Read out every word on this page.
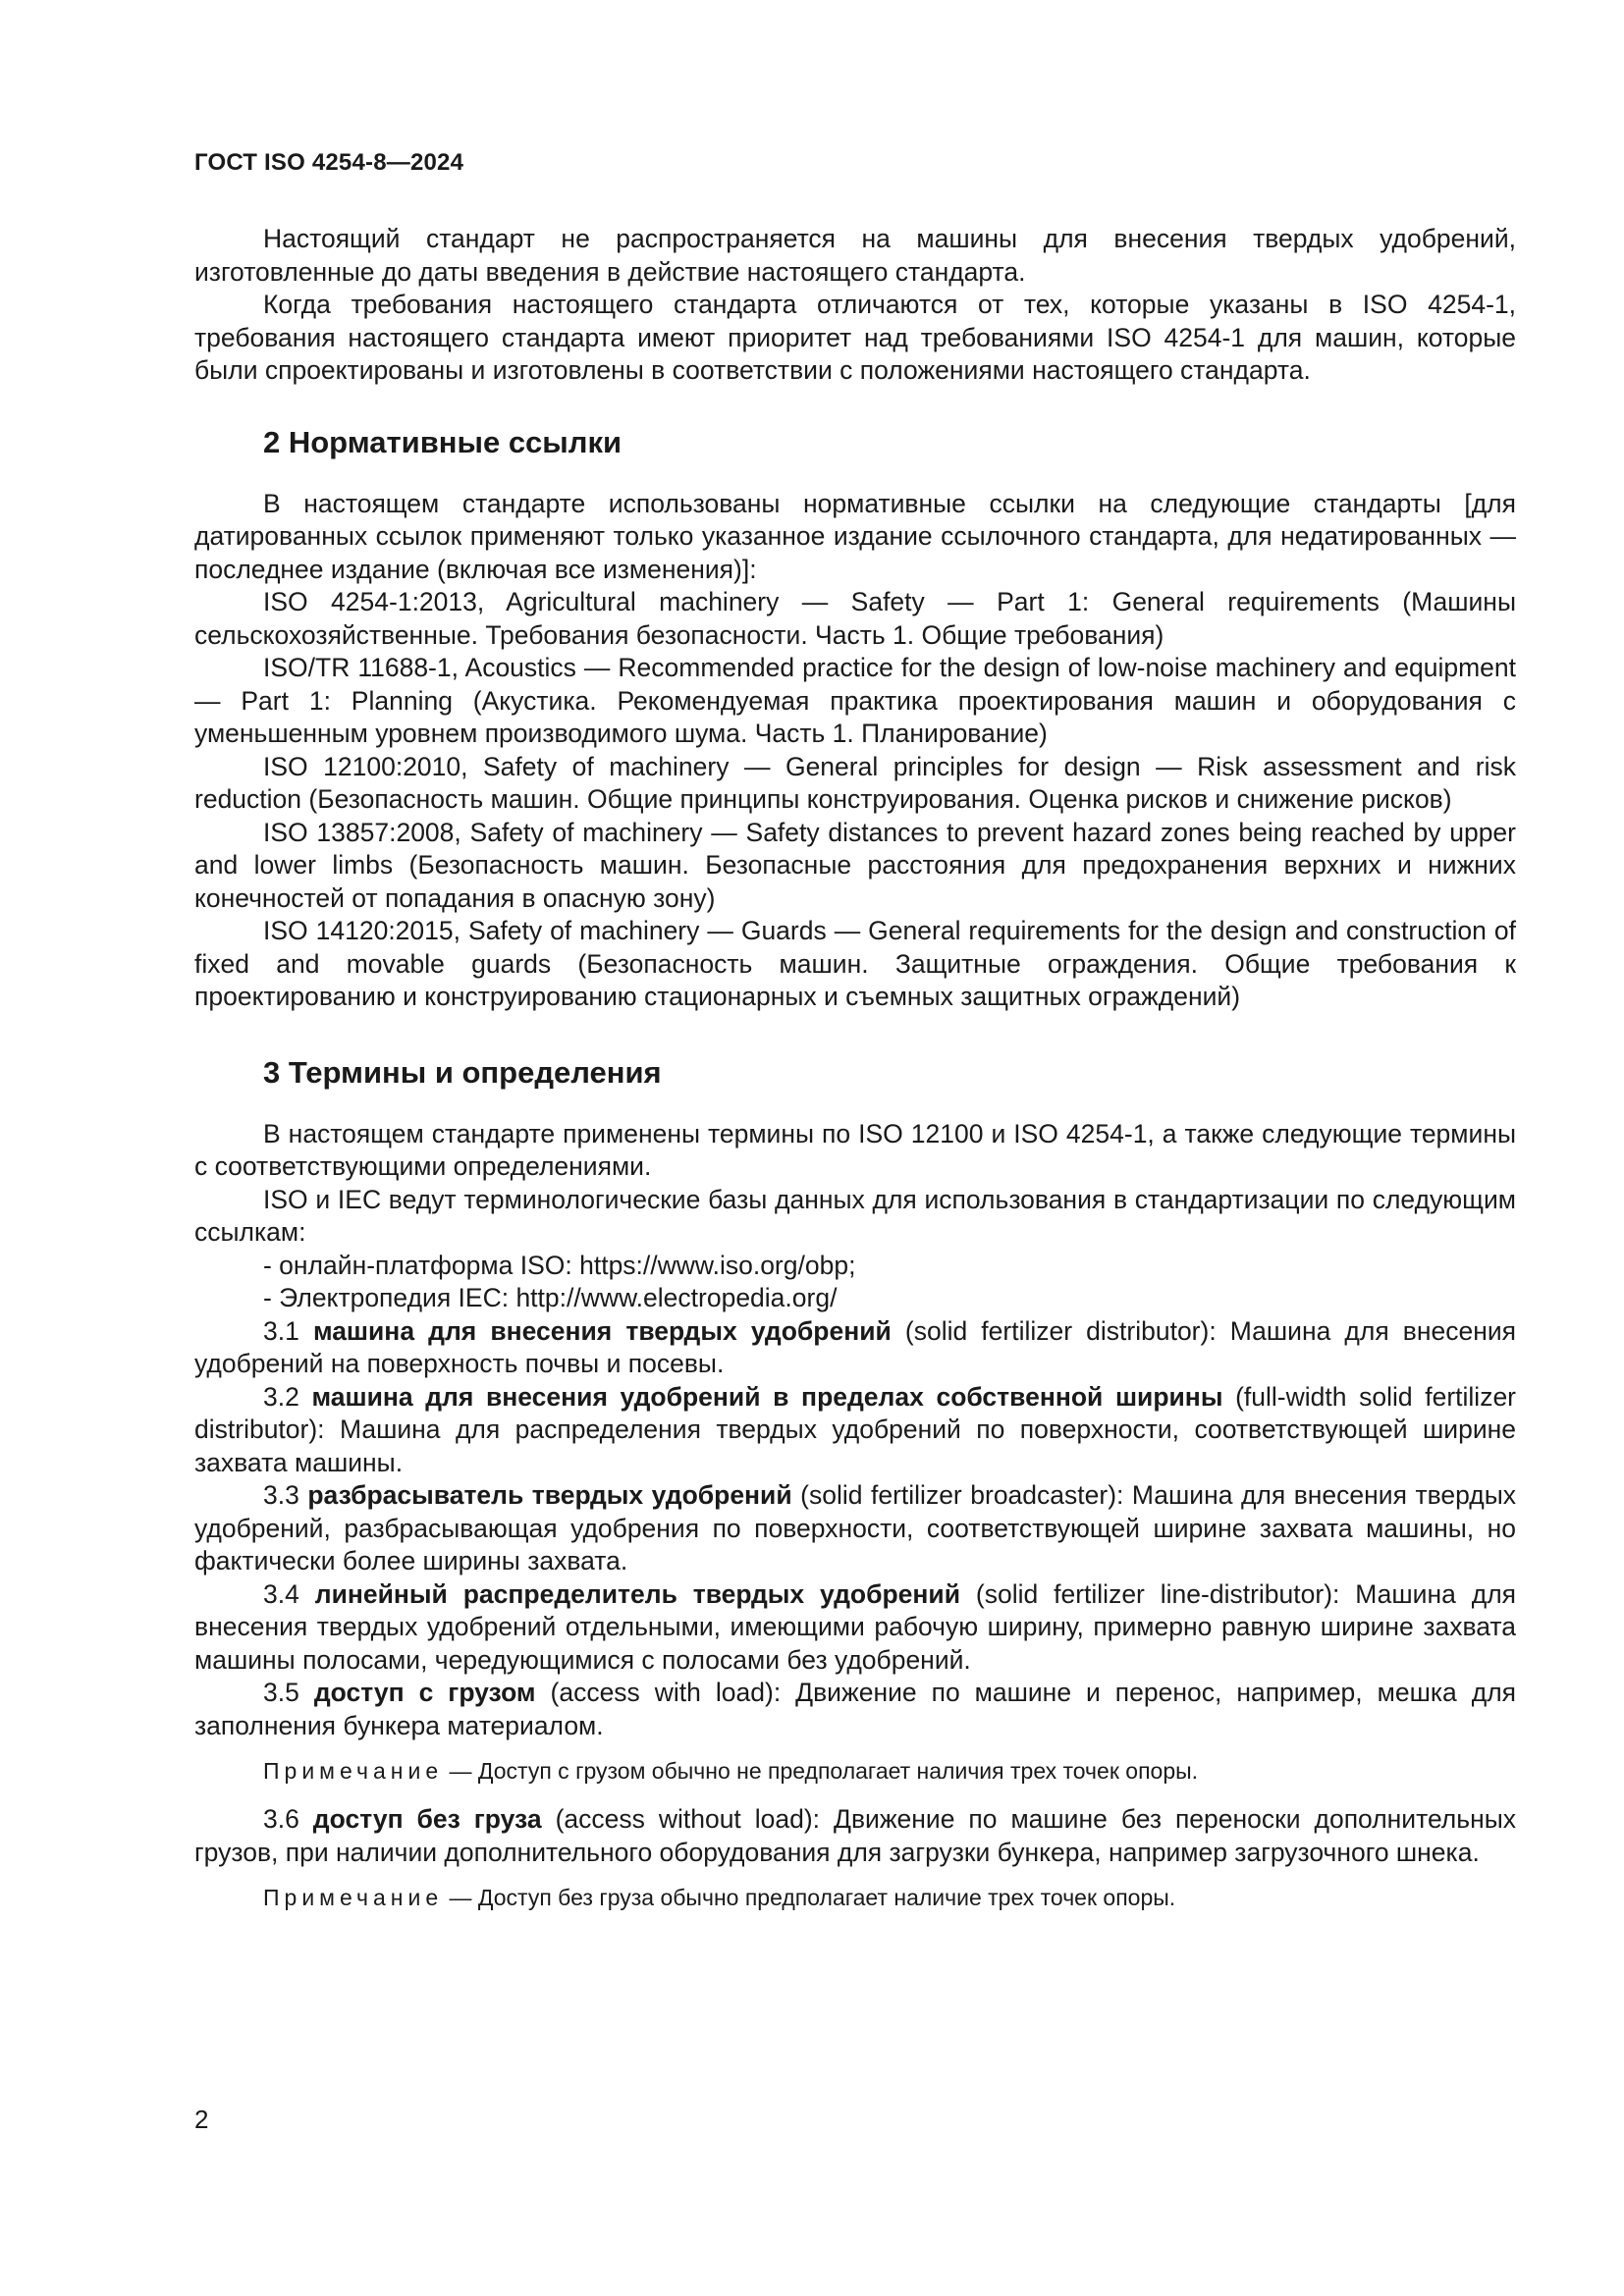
ГОСТ ISO 4254-8—2024

Настоящий стандарт не распространяется на машины для внесения твердых удобрений, изготовленные до даты введения в действие настоящего стандарта.

Когда требования настоящего стандарта отличаются от тех, которые указаны в ISO 4254-1, требования настоящего стандарта имеют приоритет над требованиями ISO 4254-1 для машин, которые были спроектированы и изготовлены в соответствии с положениями настоящего стандарта.

2 Нормативные ссылки

В настоящем стандарте использованы нормативные ссылки на следующие стандарты [для датированных ссылок применяют только указанное издание ссылочного стандарта, для недатированных — последнее издание (включая все изменения)]:

ISO 4254-1:2013, Agricultural machinery — Safety — Part 1: General requirements (Машины сельскохозяйственные. Требования безопасности. Часть 1. Общие требования)

ISO/TR 11688-1, Acoustics — Recommended practice for the design of low-noise machinery and equipment — Part 1: Planning (Акустика. Рекомендуемая практика проектирования машин и оборудования с уменьшенным уровнем производимого шума. Часть 1. Планирование)

ISO 12100:2010, Safety of machinery — General principles for design — Risk assessment and risk reduction (Безопасность машин. Общие принципы конструирования. Оценка рисков и снижение рисков)

ISO 13857:2008, Safety of machinery — Safety distances to prevent hazard zones being reached by upper and lower limbs (Безопасность машин. Безопасные расстояния для предохранения верхних и нижних конечностей от попадания в опасную зону)

ISO 14120:2015, Safety of machinery — Guards — General requirements for the design and construction of fixed and movable guards (Безопасность машин. Защитные ограждения. Общие требования к проектированию и конструированию стационарных и съемных защитных ограждений)

3 Термины и определения

В настоящем стандарте применены термины по ISO 12100 и ISO 4254-1, а также следующие термины с соответствующими определениями.

ISO и IEC ведут терминологические базы данных для использования в стандартизации по следующим ссылкам:

- онлайн-платформа ISO: https://www.iso.org/obp;

- Электропедия IEC: http://www.electropedia.org/

3.1 машина для внесения твердых удобрений (solid fertilizer distributor): Машина для внесения удобрений на поверхность почвы и посевы.

3.2 машина для внесения удобрений в пределах собственной ширины (full-width solid fertilizer distributor): Машина для распределения твердых удобрений по поверхности, соответствующей ширине захвата машины.

3.3 разбрасыватель твердых удобрений (solid fertilizer broadcaster): Машина для внесения твердых удобрений, разбрасывающая удобрения по поверхности, соответствующей ширине захвата машины, но фактически более ширины захвата.

3.4 линейный распределитель твердых удобрений (solid fertilizer line-distributor): Машина для внесения твердых удобрений отдельными, имеющими рабочую ширину, примерно равную ширине захвата машины полосами, чередующимися с полосами без удобрений.

3.5 доступ с грузом (access with load): Движение по машине и перенос, например, мешка для заполнения бункера материалом.

Примечание — Доступ с грузом обычно не предполагает наличия трех точек опоры.

3.6 доступ без груза (access without load): Движение по машине без переноски дополнительных грузов, при наличии дополнительного оборудования для загрузки бункера, например загрузочного шнека.

Примечание — Доступ без груза обычно предполагает наличие трех точек опоры.

2
